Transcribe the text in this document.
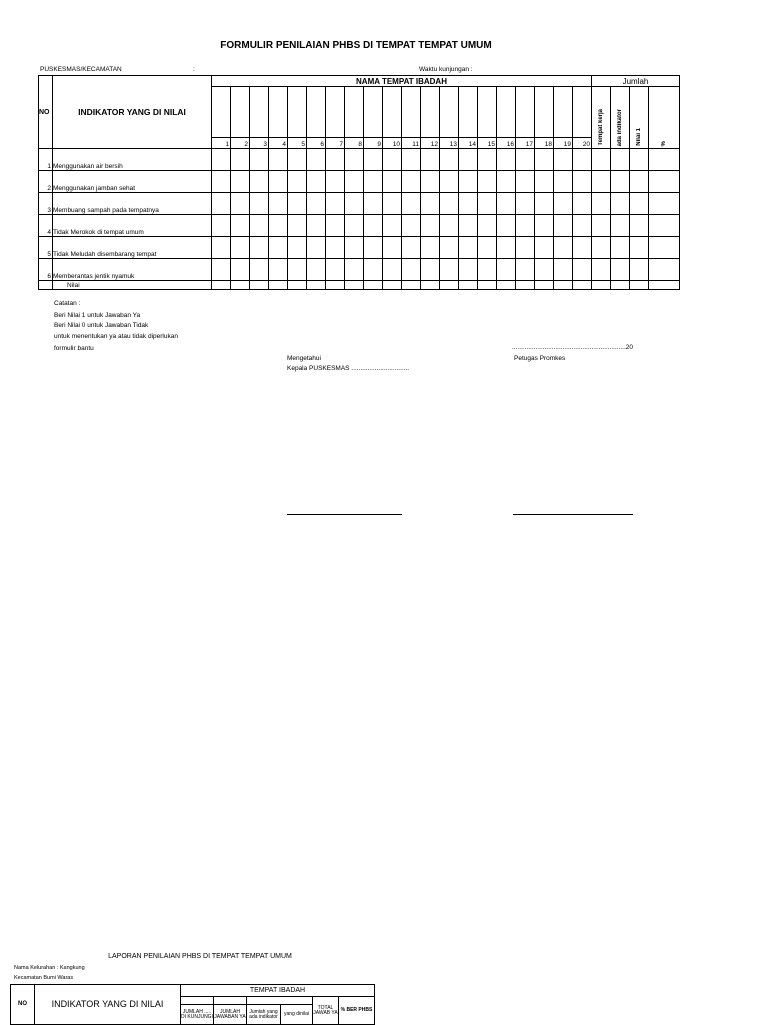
FORMULIR PENILAIAN PHBS DI TEMPAT TEMPAT UMUM
PUSKESMAS/KECAMATAN	:	Waktu kunjungan :
NO	INDIKATOR YANG DI NILAI	NAMA TEMPAT IBADAH																				Jumlah			
																						Tempat kerja	ada indikator	Nilai 1	%
		1	2	3	4	5	6	7	8	9	10	11	12	13	14	15	16	17	18	19	20				
1	Menggunakan air bersih																								
2	Menggunakan jamban sehat																								
3	Membuang sampah pada tempatnya																								
4	Tidak Merokok di tempat umum																								
5	Tidak Meludah disembarang tempat																								
6	Memberantas jentik nyamuk																								
	Nilai																								
Catatan :
Beri Nilai 1 untuk Jawaban Ya
Beri Nilai 0 untuk Jawaban Tidak
untuk menentukan ya atau tidak diperlukan
formulir bantu	...............................................................20
Mengetahui
Kepala PUSKESMAS ................................
Petugas Promkes
LAPORAN PENILAIAN PHBS DI TEMPAT TEMPAT UMUM
Nama Kelurahan : Kangkung
Kecamatan Bumi Waras
NO	INDIKATOR YANG DI NILAI	TEMPAT IBADAH					
						TOTAL JAWAB YA	% BER PHBS
		JUMLAH ..... DI KUNJUNGI	JUMLAH JAWABAN YA	Jumlah yang ada indikator	yang dinilai		
